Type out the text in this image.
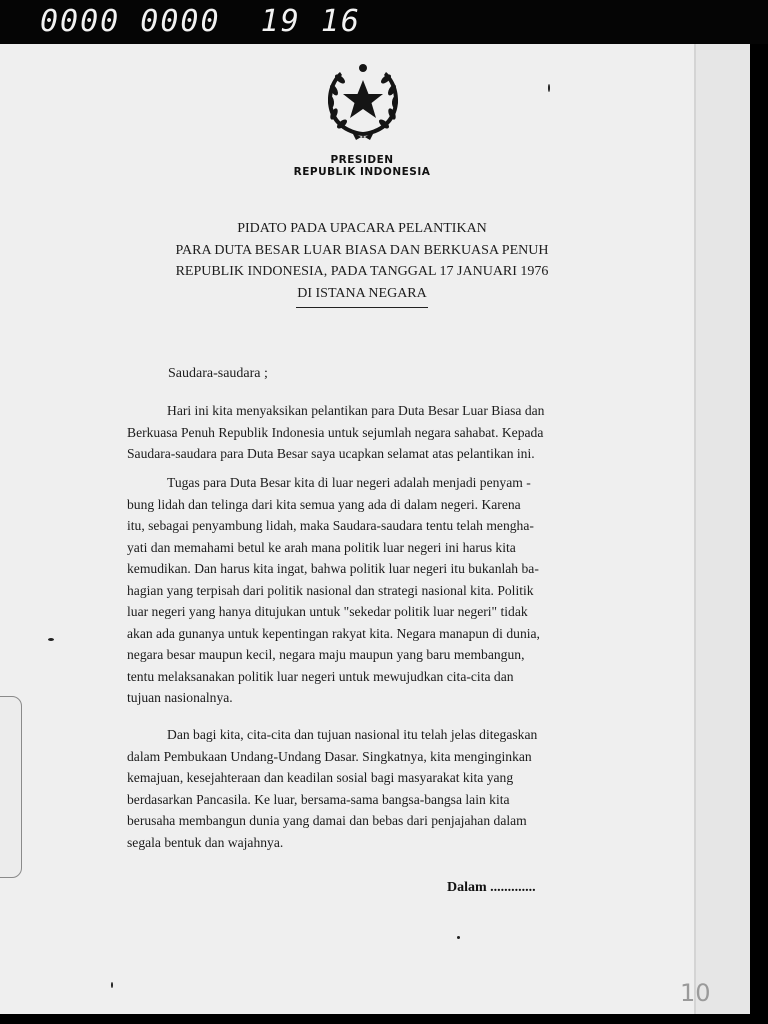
0000 0000  19 16
PRESIDEN
REPUBLIK INDONESIA
PIDATO PADA UPACARA PELANTIKAN
PARA DUTA BESAR LUAR BIASA DAN BERKUASA PENUH
REPUBLIK INDONESIA, PADA TANGGAL 17 JANUARI 1976
DI ISTANA NEGARA
Saudara-saudara ;
Hari ini kita menyaksikan pelantikan para Duta Besar Luar Biasa dan
Berkuasa Penuh Republik Indonesia untuk sejumlah negara sahabat. Kepada
Saudara-saudara para Duta Besar saya ucapkan selamat atas pelantikan ini.
Tugas para Duta Besar kita di luar negeri adalah menjadi penyam -
bung lidah dan telinga dari kita semua yang ada di dalam negeri. Karena
itu, sebagai penyambung lidah, maka Saudara-saudara tentu telah mengha-
yati dan memahami betul ke arah mana politik luar negeri ini harus kita
kemudikan. Dan harus kita ingat, bahwa politik luar negeri itu bukanlah ba-
hagian yang terpisah dari politik nasional dan strategi nasional kita. Politik
luar negeri yang hanya ditujukan untuk "sekedar politik luar negeri" tidak
akan ada gunanya untuk kepentingan rakyat kita. Negara manapun di dunia,
negara besar maupun kecil, negara maju maupun yang baru membangun,
tentu melaksanakan politik luar negeri untuk mewujudkan cita-cita dan
tujuan nasionalnya.
Dan bagi kita, cita-cita dan tujuan nasional itu telah jelas ditegaskan
dalam Pembukaan Undang-Undang Dasar. Singkatnya, kita menginginkan
kemajuan, kesejahteraan dan keadilan sosial bagi masyarakat kita yang
berdasarkan Pancasila. Ke luar, bersama-sama bangsa-bangsa lain kita
berusaha membangun dunia yang damai dan bebas dari penjajahan dalam
segala bentuk dan wajahnya.
Dalam .............
10
